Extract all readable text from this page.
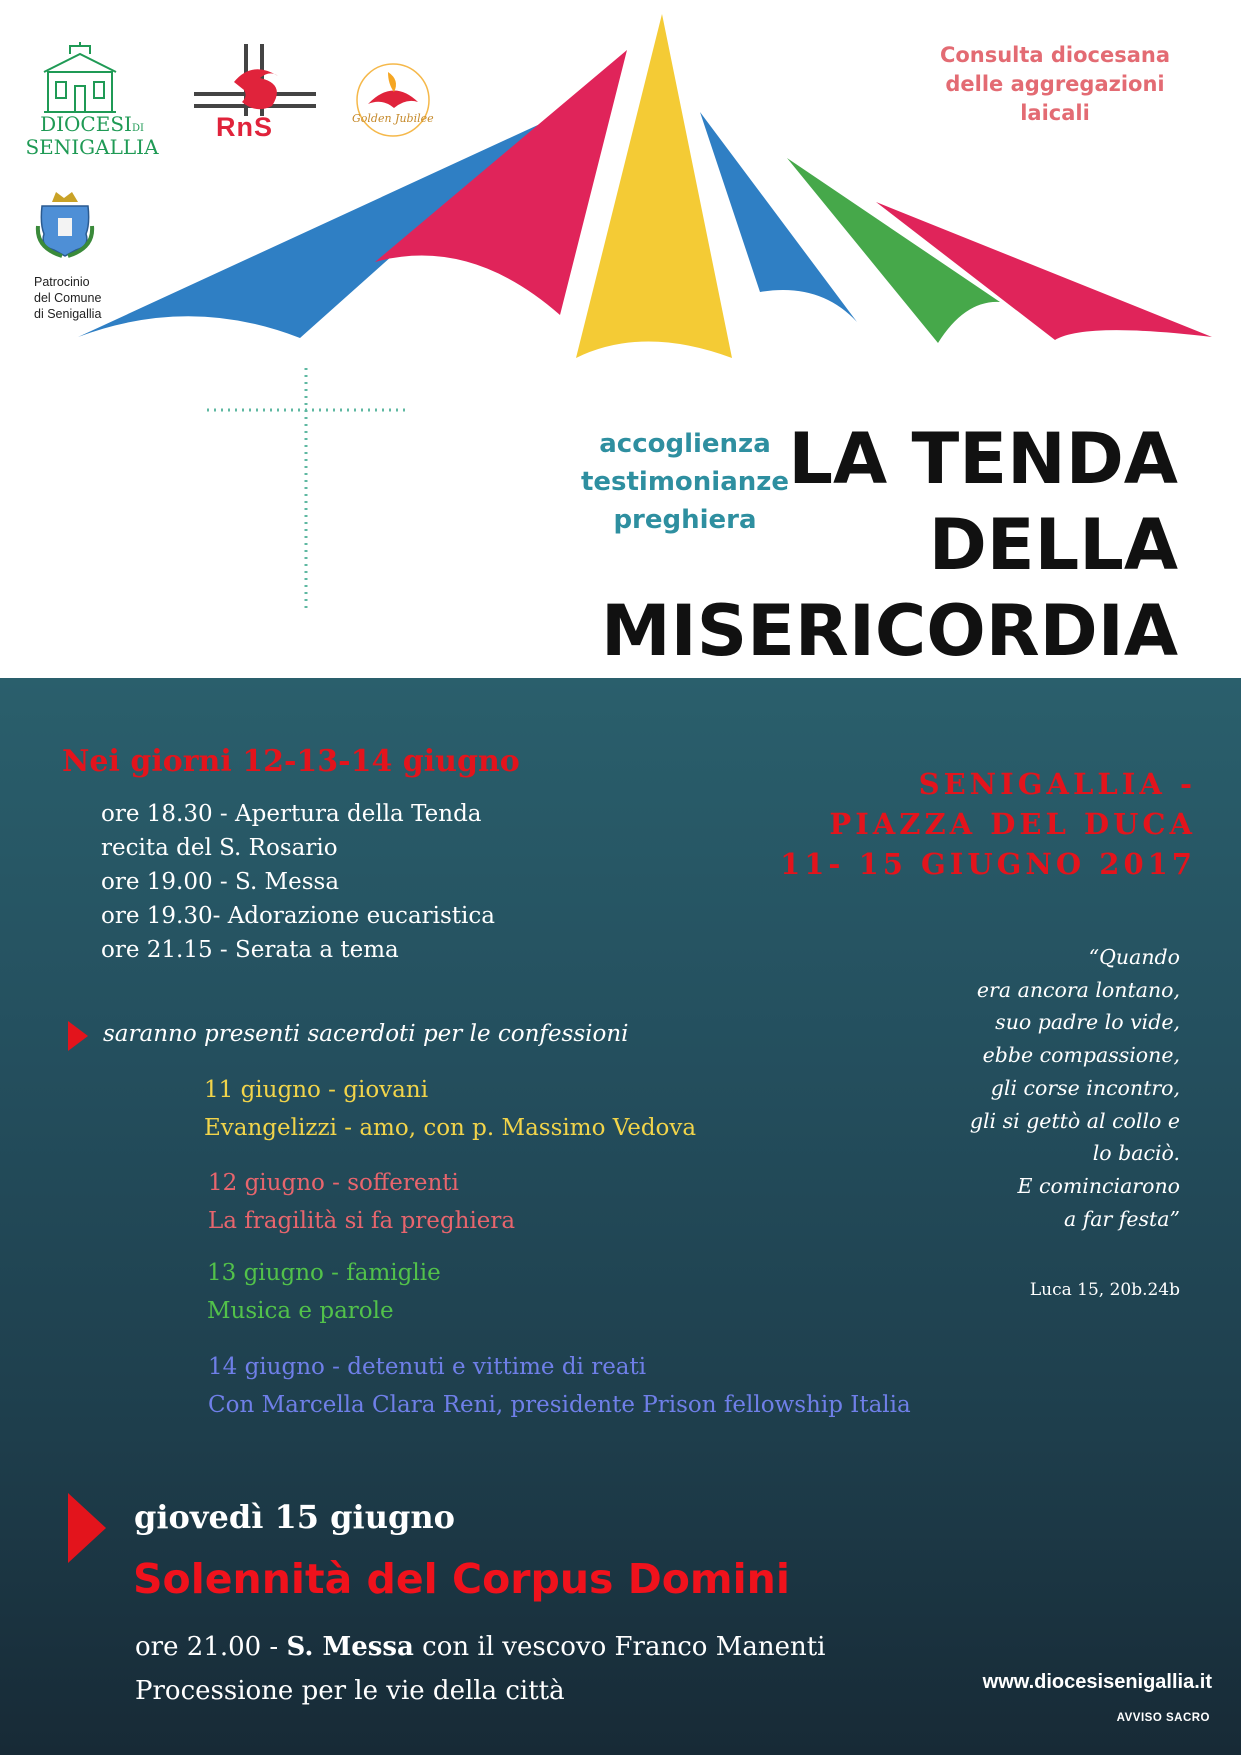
DIOCESIDI
SENIGALLIA
RnS	Golden Jubilee
Consulta diocesana
delle aggregazioni
laicali
Patrocinio
del Comune
di Senigallia
accoglienza
testimonianze
preghiera
LA TENDA
DELLA
MISERICORDIA
Nei giorni 12-13-14 giugno
ore 18.30 - Apertura della Tenda
recita del S. Rosario
ore 19.00 - S. Messa
ore 19.30- Adorazione eucaristica
ore 21.15 - Serata a tema
SENIGALLIA -
PIAZZA DEL DUCA
11- 15 GIUGNO 2017
saranno presenti sacerdoti per le confessioni
11 giugno - giovani
Evangelizzi - amo, con p. Massimo Vedova
12 giugno - sofferenti
La fragilità si fa preghiera
13 giugno - famiglie
Musica e parole
14 giugno - detenuti e vittime di reati
Con Marcella Clara Reni, presidente Prison fellowship Italia
“Quando
era ancora lontano,
suo padre lo vide,
ebbe compassione,
gli corse incontro,
gli si gettò al collo e
lo baciò.
E cominciarono
a far festa”
Luca 15, 20b.24b
giovedì 15 giugno
Solennità del Corpus Domini
ore 21.00 - S. Messa con il vescovo Franco Manenti
Processione per le vie della città	www.diocesisenigallia.it
AVVISO SACRO
